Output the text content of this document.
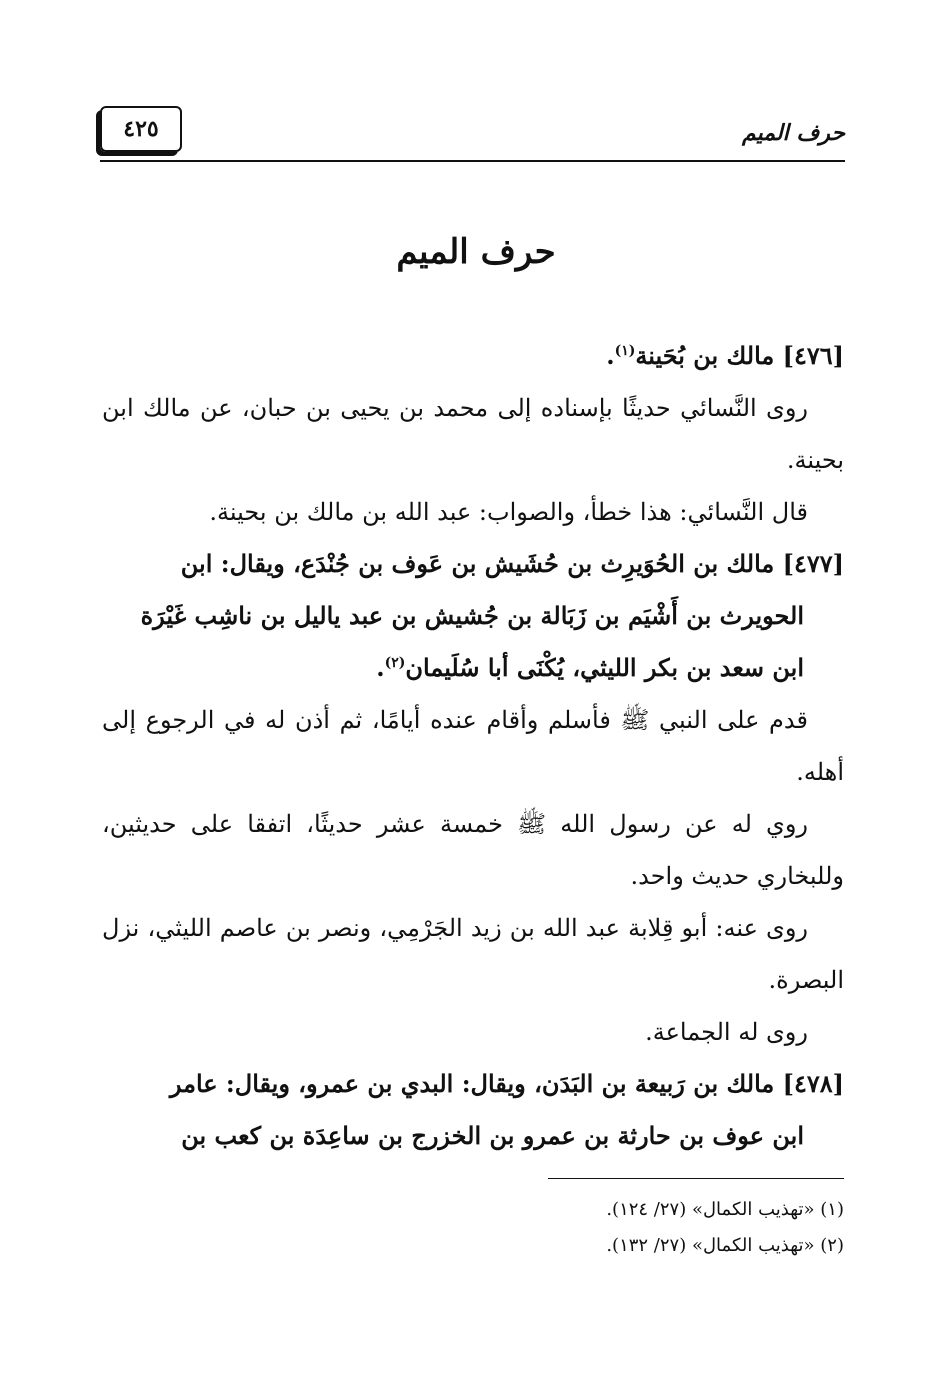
حرف الميم
٤٢٥
حرف الميم

[٤٧٦] مالك بن بُحَينة$^{(١)}$.

روى النَّسائي حديثًا بإسناده إلى محمد بن يحيى بن حبان، عن مالك ابن بحينة.

قال النَّسائي: هذا خطأ، والصواب: عبد الله بن مالك بن بحينة.

[٤٧٧] مالك بن الحُوَيرِث بن حُشَيش بن عَوف بن جُنْدَع، ويقال: ابن

الحويرث بن أَشْيَم بن زَبَالة بن جُشيش بن عبد ياليل بن ناشِب غَيْرَة

ابن سعد بن بكر الليثي، يُكْنَى أبا سُلَيمان$^{(٢)}$.

قدم على النبي ﷺ فأسلم وأقام عنده أيامًا، ثم أذن له في الرجوع إلى أهله.

روي له عن رسول الله ﷺ خمسة عشر حديثًا، اتفقا على حديثين، وللبخاري حديث واحد.

روى عنه: أبو قِلابة عبد الله بن زيد الجَرْمِي، ونصر بن عاصم الليثي، نزل البصرة.

روى له الجماعة.

[٤٧٨] مالك بن رَبيعة بن البَدَن، ويقال: البدي بن عمرو، ويقال: عامر

ابن عوف بن حارثة بن عمرو بن الخزرج بن ساعِدَة بن كعب بن

(١) «تهذيب الكمال» (٢٧/ ١٢٤).

(٢) «تهذيب الكمال» (٢٧/ ١٣٢).
